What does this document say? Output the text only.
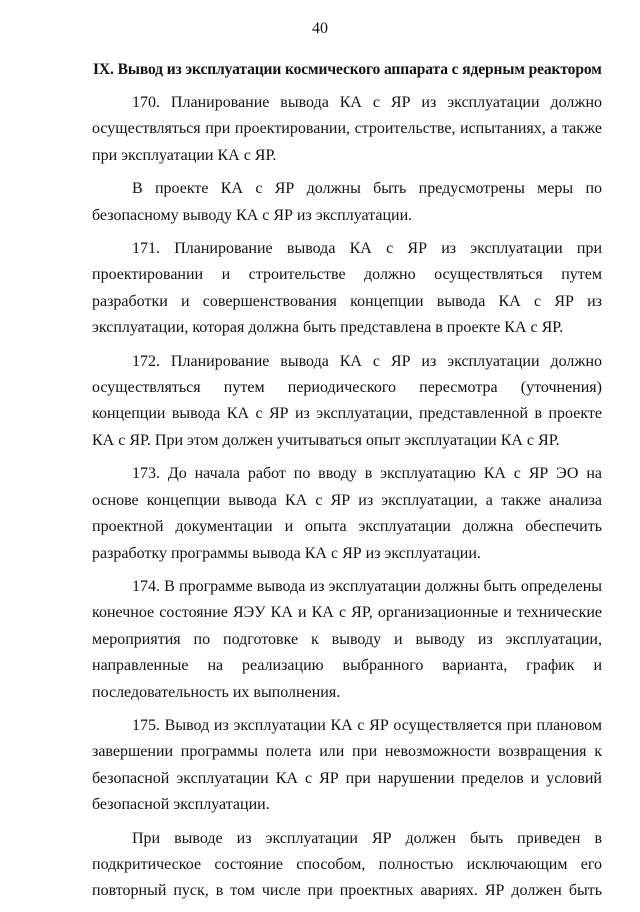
40
IX. Вывод из эксплуатации космического аппарата с ядерным реактором

170. Планирование вывода КА с ЯР из эксплуатации должно осуществляться при проектировании, строительстве, испытаниях, а также при эксплуатации КА с ЯР.

В проекте КА с ЯР должны быть предусмотрены меры по безопасному выводу КА с ЯР из эксплуатации.

171. Планирование вывода КА с ЯР из эксплуатации при проектировании и строительстве должно осуществляться путем разработки и совершенствования концепции вывода КА с ЯР из эксплуатации, которая должна быть представлена в проекте КА с ЯР.

172. Планирование вывода КА с ЯР из эксплуатации должно осуществляться путем периодического пересмотра (уточнения) концепции вывода КА с ЯР из эксплуатации, представленной в проекте КА с ЯР. При этом должен учитываться опыт эксплуатации КА с ЯР.

173. До начала работ по вводу в эксплуатацию КА с ЯР ЭО на основе концепции вывода КА с ЯР из эксплуатации, а также анализа проектной документации и опыта эксплуатации должна обеспечить разработку программы вывода КА с ЯР из эксплуатации.

174. В программе вывода из эксплуатации должны быть определены конечное состояние ЯЭУ КА и КА с ЯР, организационные и технические мероприятия по подготовке к выводу и выводу из эксплуатации, направленные на реализацию выбранного варианта, график и последовательность их выполнения.

175. Вывод из эксплуатации КА с ЯР осуществляется при плановом завершении программы полета или при невозможности возвращения к безопасной эксплуатации КА с ЯР при нарушении пределов и условий безопасной эксплуатации.

При выводе из эксплуатации ЯР должен быть приведен в подкритическое состояние способом, полностью исключающим его повторный пуск, в том числе при проектных авариях. ЯР должен быть
